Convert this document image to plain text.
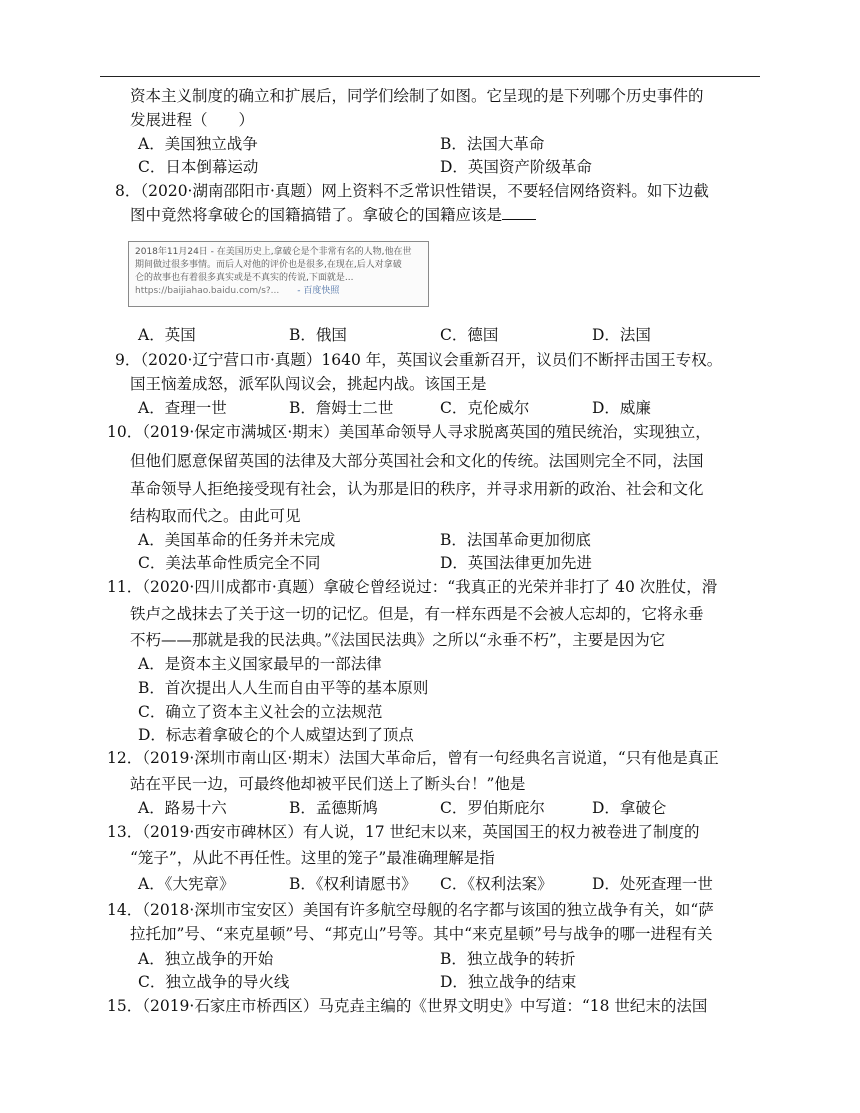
资本主义制度的确立和扩展后，同学们绘制了如图。它呈现的是下列哪个历史事件的
发展进程（　　）
A．美国独立战争	B．法国大革命
C．日本倒幕运动	D．英国资产阶级革命
8．（2020·湖南邵阳市·真题）网上资料不乏常识性错误，不要轻信网络资料。如下边截
图中竟然将拿破仑的国籍搞错了。拿破仑的国籍应该是
2018年11月24日 - 在美国历史上,拿破仑是个非常有名的人物,他在世
期间做过很多事情。而后人对他的评价也是很多,在现在,后人对拿破
仑的故事也有着很多真实或是不真实的传说,下面就是...
https://baijiahao.baidu.com/s?... - 百度快照
A．英国	B．俄国	C．德国	D．法国
9．（2020·辽宁营口市·真题）1640 年，英国议会重新召开，议员们不断抨击国王专权。
国王恼羞成怒，派军队闯议会，挑起内战。该国王是
A．查理一世	B．詹姆士二世	C．克伦威尔	D．威廉
10．（2019·保定市满城区·期末）美国革命领导人寻求脱离英国的殖民统治，实现独立，
但他们愿意保留英国的法律及大部分英国社会和文化的传统。法国则完全不同，法国
革命领导人拒绝接受现有社会，认为那是旧的秩序，并寻求用新的政治、社会和文化
结构取而代之。由此可见
A．美国革命的任务并未完成	B．法国革命更加彻底
C．美法革命性质完全不同	D．英国法律更加先进
11．（2020·四川成都市·真题）拿破仑曾经说过：“我真正的光荣并非打了 40 次胜仗，滑
铁卢之战抹去了关于这一切的记忆。但是，有一样东西是不会被人忘却的，它将永垂
不朽——那就是我的民法典。”《法国民法典》之所以“永垂不朽”，主要是因为它
A．是资本主义国家最早的一部法律
B．首次提出人人生而自由平等的基本原则
C．确立了资本主义社会的立法规范
D．标志着拿破仑的个人威望达到了顶点
12．（2019·深圳市南山区·期末）法国大革命后，曾有一句经典名言说道，“只有他是真正
站在平民一边，可最终他却被平民们送上了断头台！”他是
A．路易十六	B．孟德斯鸠	C．罗伯斯庇尔	D．拿破仑
13．（2019·西安市碑林区）有人说，17 世纪末以来，英国国王的权力被卷进了制度的
“笼子”，从此不再任性。这里的笼子”最准确理解是指
A．《大宪章》	B．《权利请愿书》 C．《权利法案》	D．处死查理一世
14．（2018·深圳市宝安区）美国有许多航空母舰的名字都与该国的独立战争有关，如“萨
拉托加”号、“来克星顿”号、“邦克山”号等。其中“来克星顿”号与战争的哪一进程有关
A．独立战争的开始	B．独立战争的转折
C．独立战争的导火线	D．独立战争的结束
15．（2019·石家庄市桥西区）马克垚主编的《世界文明史》中写道：“18 世纪末的法国
